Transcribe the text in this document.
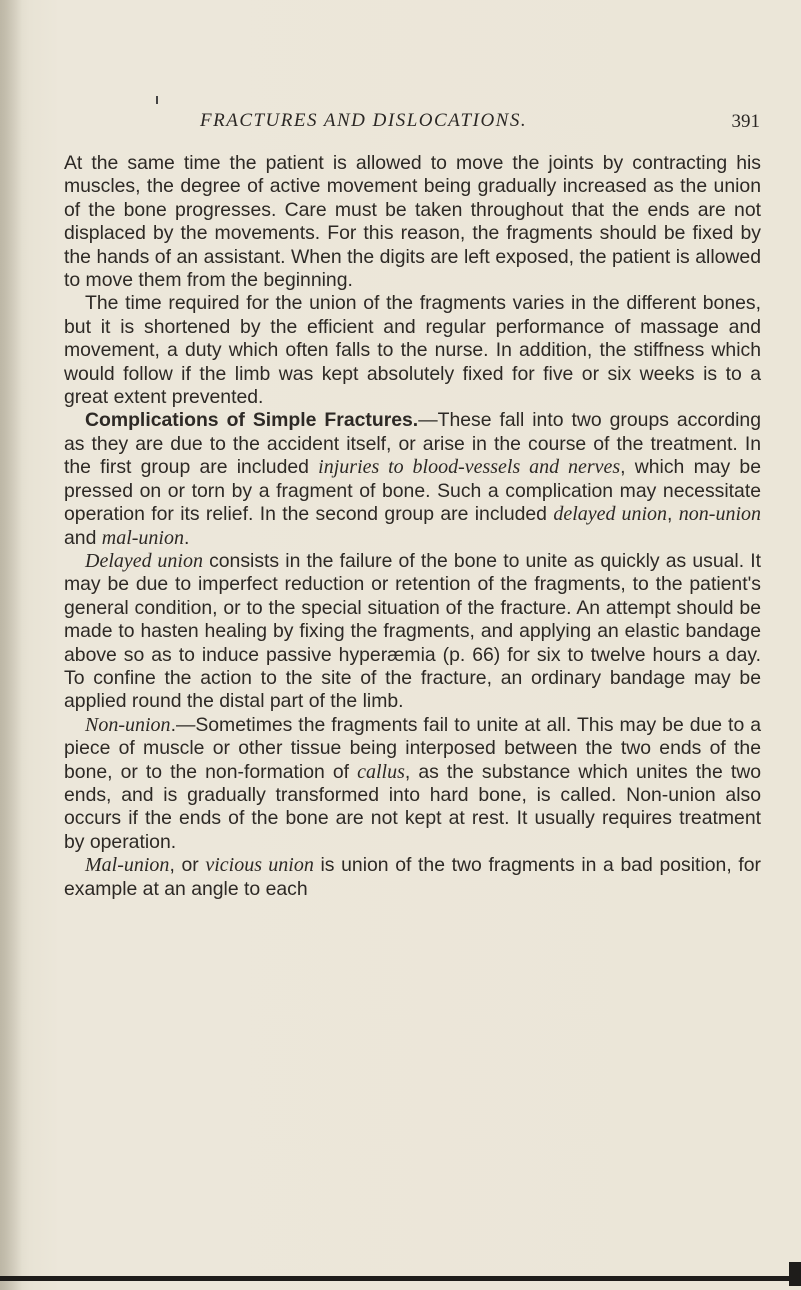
FRACTURES AND DISLOCATIONS.	391

At the same time the patient is allowed to move the joints by contracting his muscles, the degree of active movement being gradually increased as the union of the bone progresses. Care must be taken throughout that the ends are not displaced by the movements. For this reason, the fragments should be fixed by the hands of an assistant. When the digits are left exposed, the patient is allowed to move them from the beginning.

The time required for the union of the fragments varies in the different bones, but it is shortened by the efficient and regular performance of massage and movement, a duty which often falls to the nurse. In addition, the stiffness which would follow if the limb was kept absolutely fixed for five or six weeks is to a great extent prevented.

Complications of Simple Fractures.—These fall into two groups according as they are due to the accident itself, or arise in the course of the treatment. In the first group are included injuries to blood-vessels and nerves, which may be pressed on or torn by a fragment of bone. Such a complication may necessitate operation for its relief. In the second group are included delayed union, non-union and mal-union.

Delayed union consists in the failure of the bone to unite as quickly as usual. It may be due to imperfect reduction or retention of the fragments, to the patient's general condition, or to the special situation of the fracture. An attempt should be made to hasten healing by fixing the fragments, and applying an elastic bandage above so as to induce passive hyperæmia (p. 66) for six to twelve hours a day. To confine the action to the site of the fracture, an ordinary bandage may be applied round the distal part of the limb.

Non-union.—Sometimes the fragments fail to unite at all. This may be due to a piece of muscle or other tissue being interposed between the two ends of the bone, or to the non-formation of callus, as the substance which unites the two ends, and is gradually transformed into hard bone, is called. Non-union also occurs if the ends of the bone are not kept at rest. It usually requires treatment by operation.

Mal-union, or vicious union is union of the two fragments in a bad position, for example at an angle to each
